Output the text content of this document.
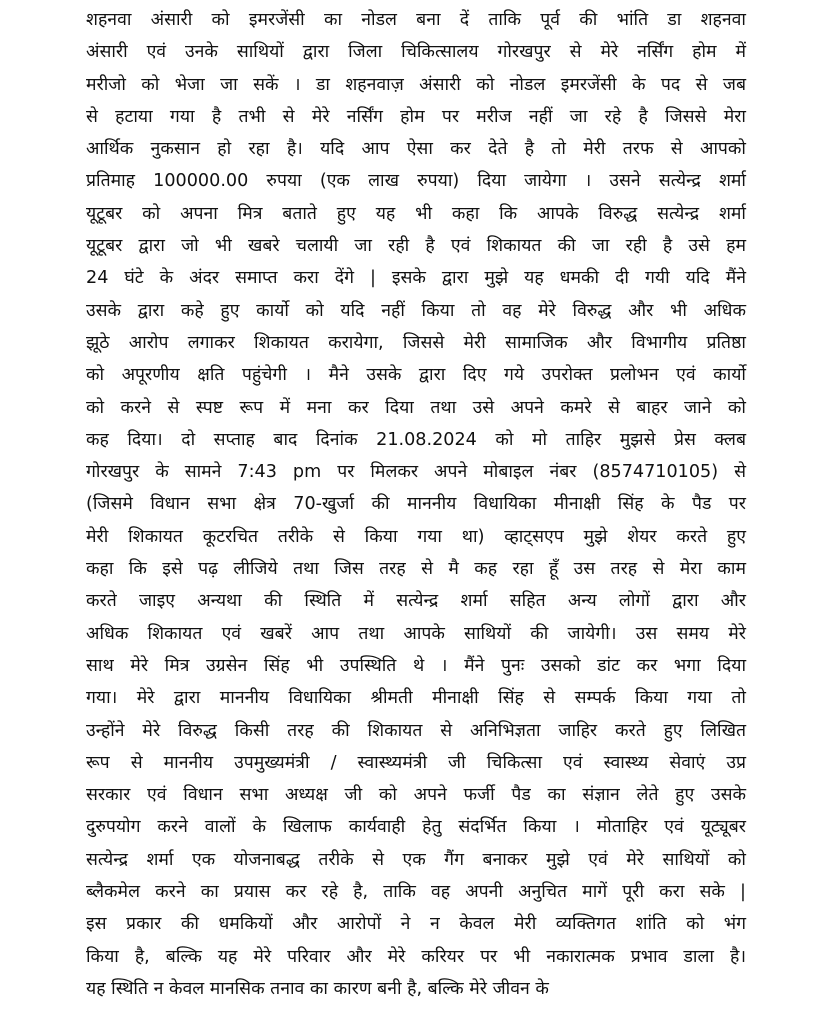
शहनवा अंसारी को इमरजेंसी का नोडल बना दें ताकि पूर्व की भांति डा शहनवा
अंसारी एवं उनके साथियों द्वारा जिला चिकित्सालय गोरखपुर से मेरे नर्सिंग होम में
मरीजो को भेजा जा सकें । डा शहनवाज़ अंसारी को नोडल इमरजेंसी के पद से जब
से हटाया गया है तभी से मेरे नर्सिंग होम पर मरीज नहीं जा रहे है जिससे मेरा
आर्थिक नुकसान हो रहा है। यदि आप ऐसा कर देते है तो मेरी तरफ से आपको
प्रतिमाह 100000.00 रुपया (एक लाख रुपया) दिया जायेगा । उसने सत्येन्द्र शर्मा
यूटूबर को अपना मित्र बताते हुए यह भी कहा कि आपके विरुद्ध सत्येन्द्र शर्मा
यूटूबर द्वारा जो भी खबरे चलायी जा रही है एवं शिकायत की जा रही है उसे हम
24 घंटे के अंदर समाप्त करा देंगे | इसके द्वारा मुझे यह धमकी दी गयी यदि मैंने
उसके द्वारा कहे हुए कार्यो को यदि नहीं किया तो वह मेरे विरुद्ध और भी अधिक
झूठे आरोप लगाकर शिकायत करायेगा, जिससे मेरी सामाजिक और विभागीय प्रतिष्ठा
को अपूरणीय क्षति पहुंचेगी । मैने उसके द्वारा दिए गये उपरोक्त प्रलोभन एवं कार्यो
को करने से स्पष्ट रूप में मना कर दिया तथा उसे अपने कमरे से बाहर जाने को
कह दिया। दो सप्ताह बाद दिनांक 21.08.2024 को मो ताहिर मुझसे प्रेस क्लब
गोरखपुर के सामने 7:43 pm पर मिलकर अपने मोबाइल नंबर (8574710105) से
(जिसमे विधान सभा क्षेत्र 70-खुर्जा की माननीय विधायिका मीनाक्षी सिंह के पैड पर
मेरी शिकायत कूटरचित तरीके से किया गया था) व्हाट्सएप मुझे शेयर करते हुए
कहा कि इसे पढ़ लीजिये तथा जिस तरह से मै कह रहा हूँ उस तरह से मेरा काम
करते जाइए अन्यथा की स्थिति में सत्येन्द्र शर्मा सहित अन्य लोगों द्वारा और
अधिक शिकायत एवं खबरें आप तथा आपके साथियों की जायेगी। उस समय मेरे
साथ मेरे मित्र उग्रसेन सिंह भी उपस्थिति थे । मैंने पुनः उसको डांट कर भगा दिया
गया। मेरे द्वारा माननीय विधायिका श्रीमती मीनाक्षी सिंह से सम्पर्क किया गया तो
उन्होंने मेरे विरुद्ध किसी तरह की शिकायत से अनिभिज्ञता जाहिर करते हुए लिखित
रूप से माननीय उपमुख्यमंत्री / स्वास्थ्यमंत्री जी चिकित्सा एवं स्वास्थ्य सेवाएं उप्र
सरकार एवं विधान सभा अध्यक्ष जी को अपने फर्जी पैड का संज्ञान लेते हुए उसके
दुरुपयोग करने वालों के खिलाफ कार्यवाही हेतु संदर्भित किया । मोताहिर एवं यूट्यूबर
सत्येन्द्र शर्मा एक योजनाबद्ध तरीके से एक गैंग बनाकर मुझे एवं मेरे साथियों को
ब्लैकमेल करने का प्रयास कर रहे है, ताकि वह अपनी अनुचित मागें पूरी करा सके |
इस प्रकार की धमकियों और आरोपों ने न केवल मेरी व्यक्तिगत शांति को भंग
किया है, बल्कि यह मेरे परिवार और मेरे करियर पर भी नकारात्मक प्रभाव डाला है।
यह स्थिति न केवल मानसिक तनाव का कारण बनी है, बल्कि मेरे जीवन के
